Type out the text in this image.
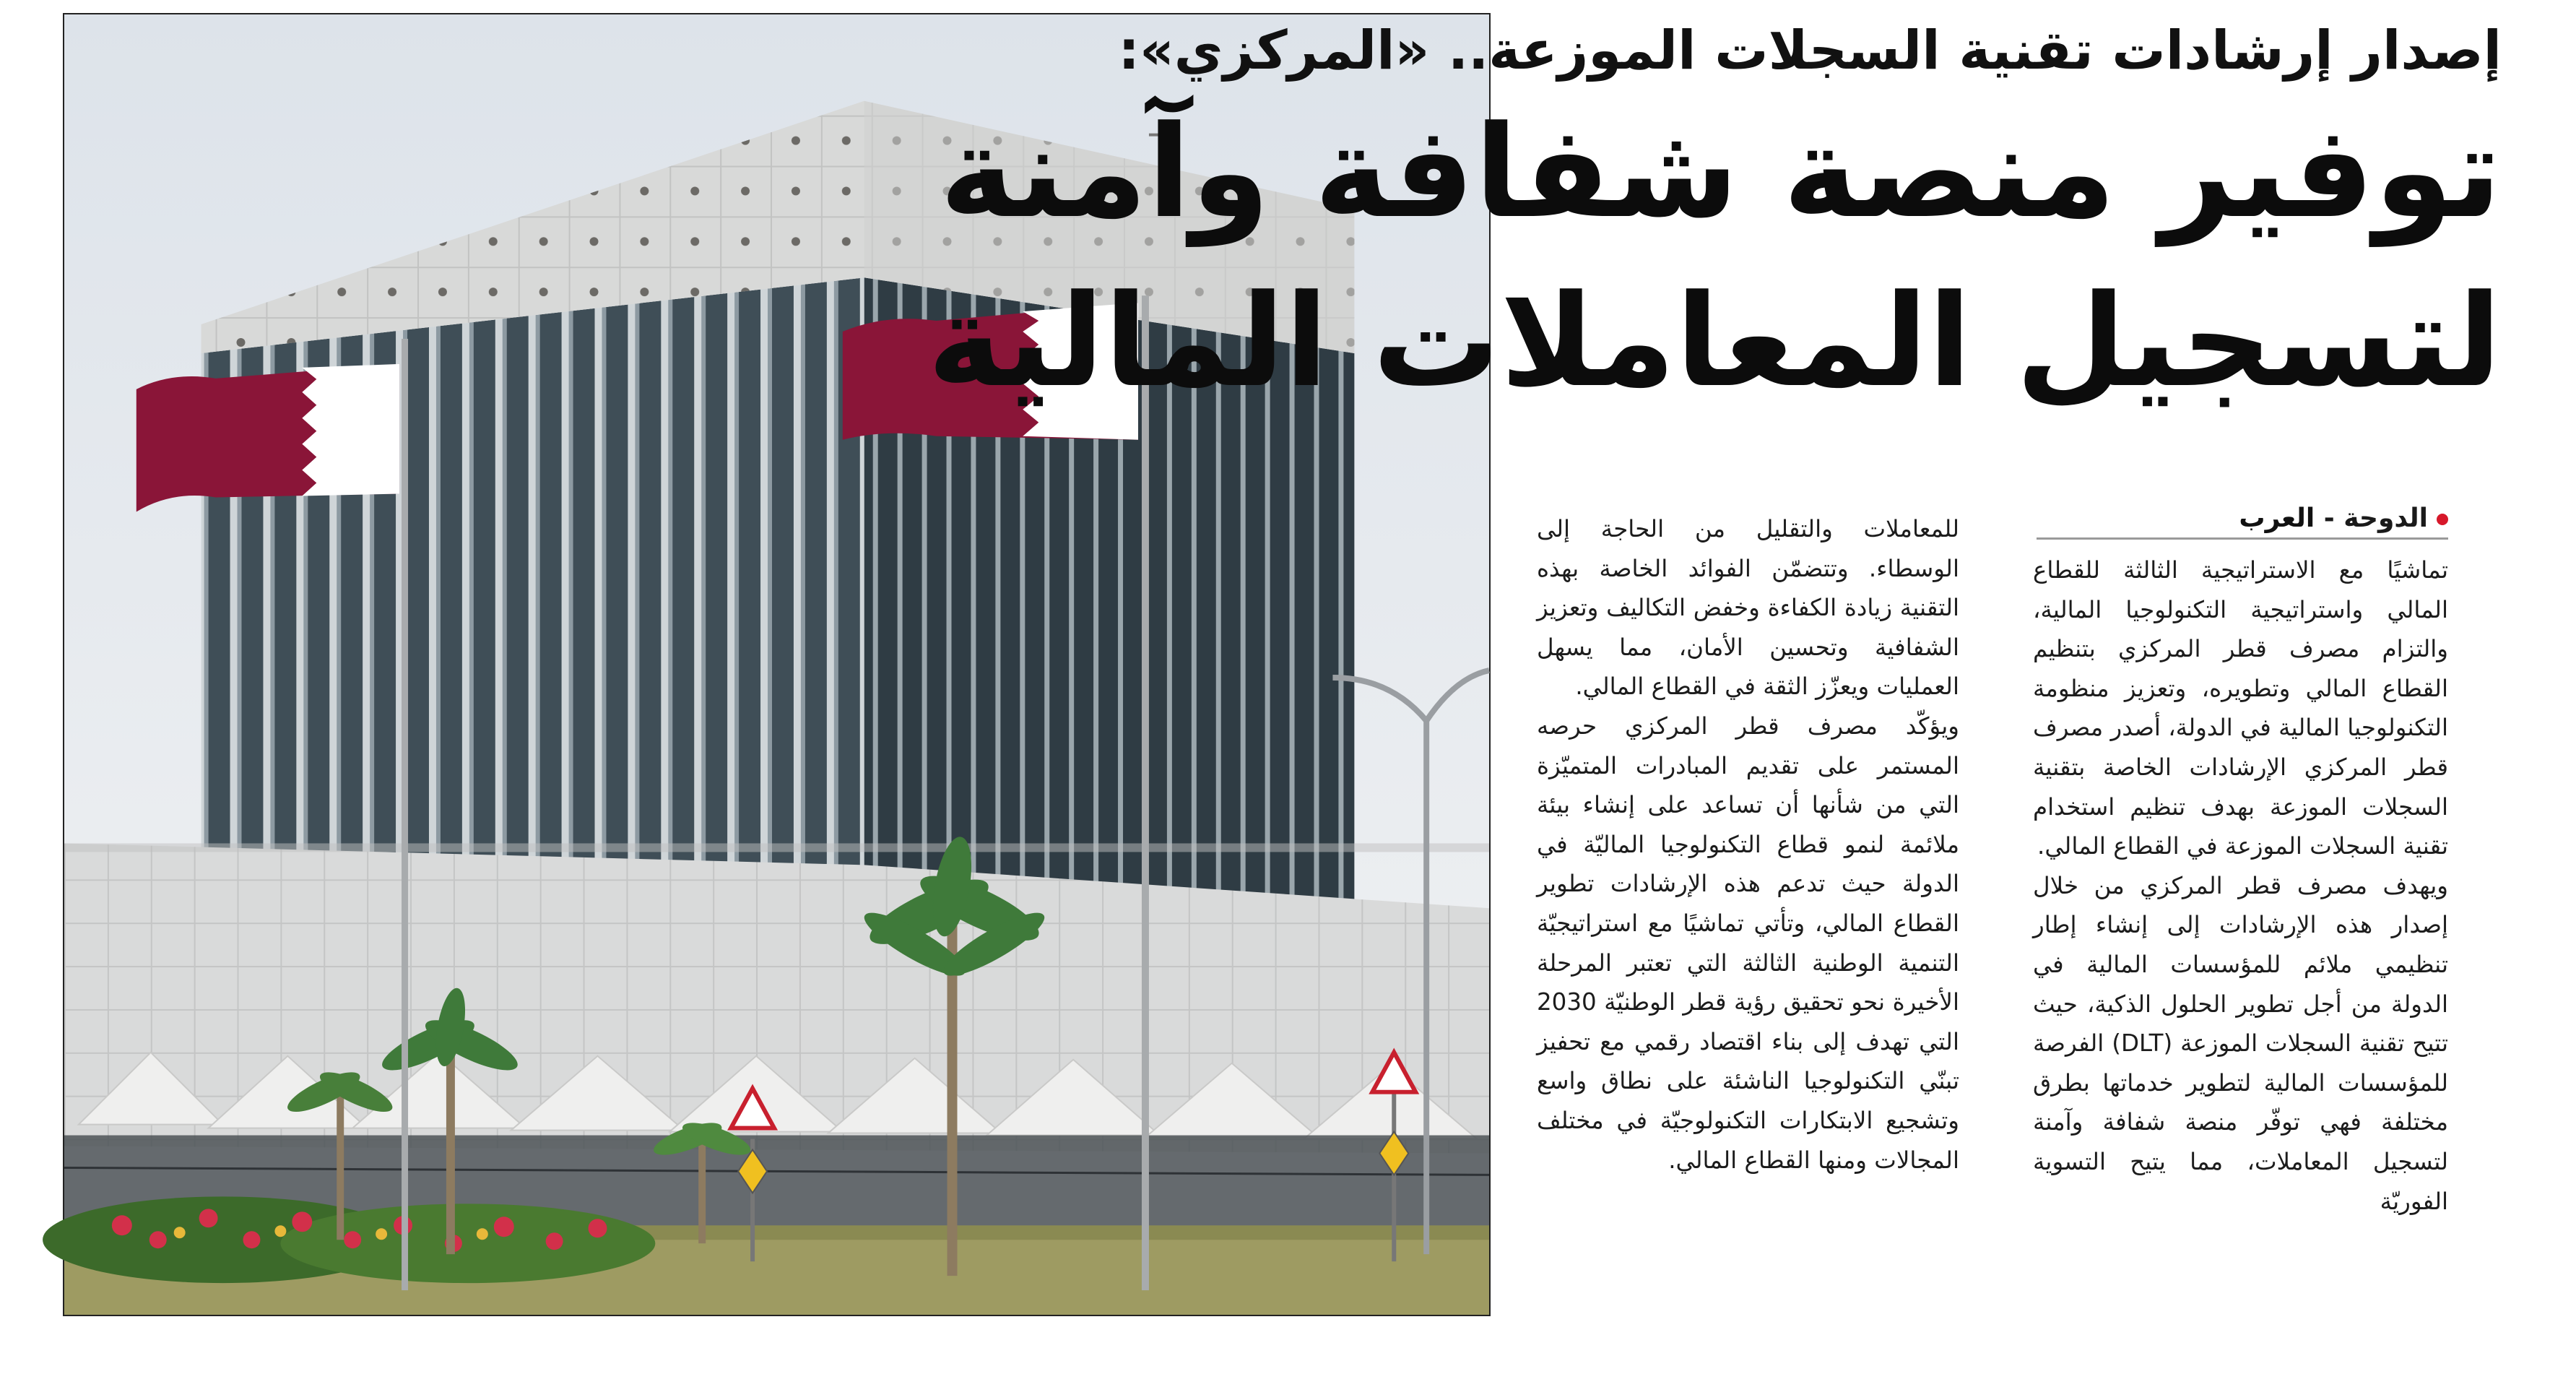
إصدار إرشادات تقنية السجلات الموزعة.. «المركزي»:
توفير منصة شفافة وآمنة
لتسجيل المعاملات المالية
الدوحة - العرب

تماشيًا مع الاستراتيجية الثالثة للقطاع المالي واستراتيجية التكنولوجيا المالية، والتزام مصرف قطر المركزي بتنظيم القطاع المالي وتطويره، وتعزيز منظومة التكنولوجيا المالية في الدولة، أصدر مصرف قطر المركزي الإرشادات الخاصة بتقنية السجلات الموزعة بهدف تنظيم استخدام تقنية السجلات الموزعة في القطاع المالي.

ويهدف مصرف قطر المركزي من خلال إصدار هذه الإرشادات إلى إنشاء إطار تنظيمي ملائم للمؤسسات المالية في الدولة من أجل تطوير الحلول الذكية، حيث تتيح تقنية السجلات الموزعة (DLT) الفرصة للمؤسسات المالية لتطوير خدماتها بطرق مختلفة فهي توفّر منصة شفافة وآمنة لتسجيل المعاملات، مما يتيح التسوية الفوريّة

للمعاملات والتقليل من الحاجة إلى الوسطاء. وتتضمّن الفوائد الخاصة بهذه التقنية زيادة الكفاءة وخفض التكاليف وتعزيز الشفافية وتحسين الأمان، مما يسهل العمليات ويعزّز الثقة في القطاع المالي.

ويؤكّد مصرف قطر المركزي حرصه المستمر على تقديم المبادرات المتميّزة التي من شأنها أن تساعد على إنشاء بيئة ملائمة لنمو قطاع التكنولوجيا الماليّة في الدولة حيث تدعم هذه الإرشادات تطوير القطاع المالي، وتأتي تماشيًا مع استراتيجيّة التنمية الوطنية الثالثة التي تعتبر المرحلة الأخيرة نحو تحقيق رؤية قطر الوطنيّة 2030 التي تهدف إلى بناء اقتصاد رقمي مع تحفيز تبنّي التكنولوجيا الناشئة على نطاق واسع وتشجيع الابتكارات التكنولوجيّة في مختلف المجالات ومنها القطاع المالي.
